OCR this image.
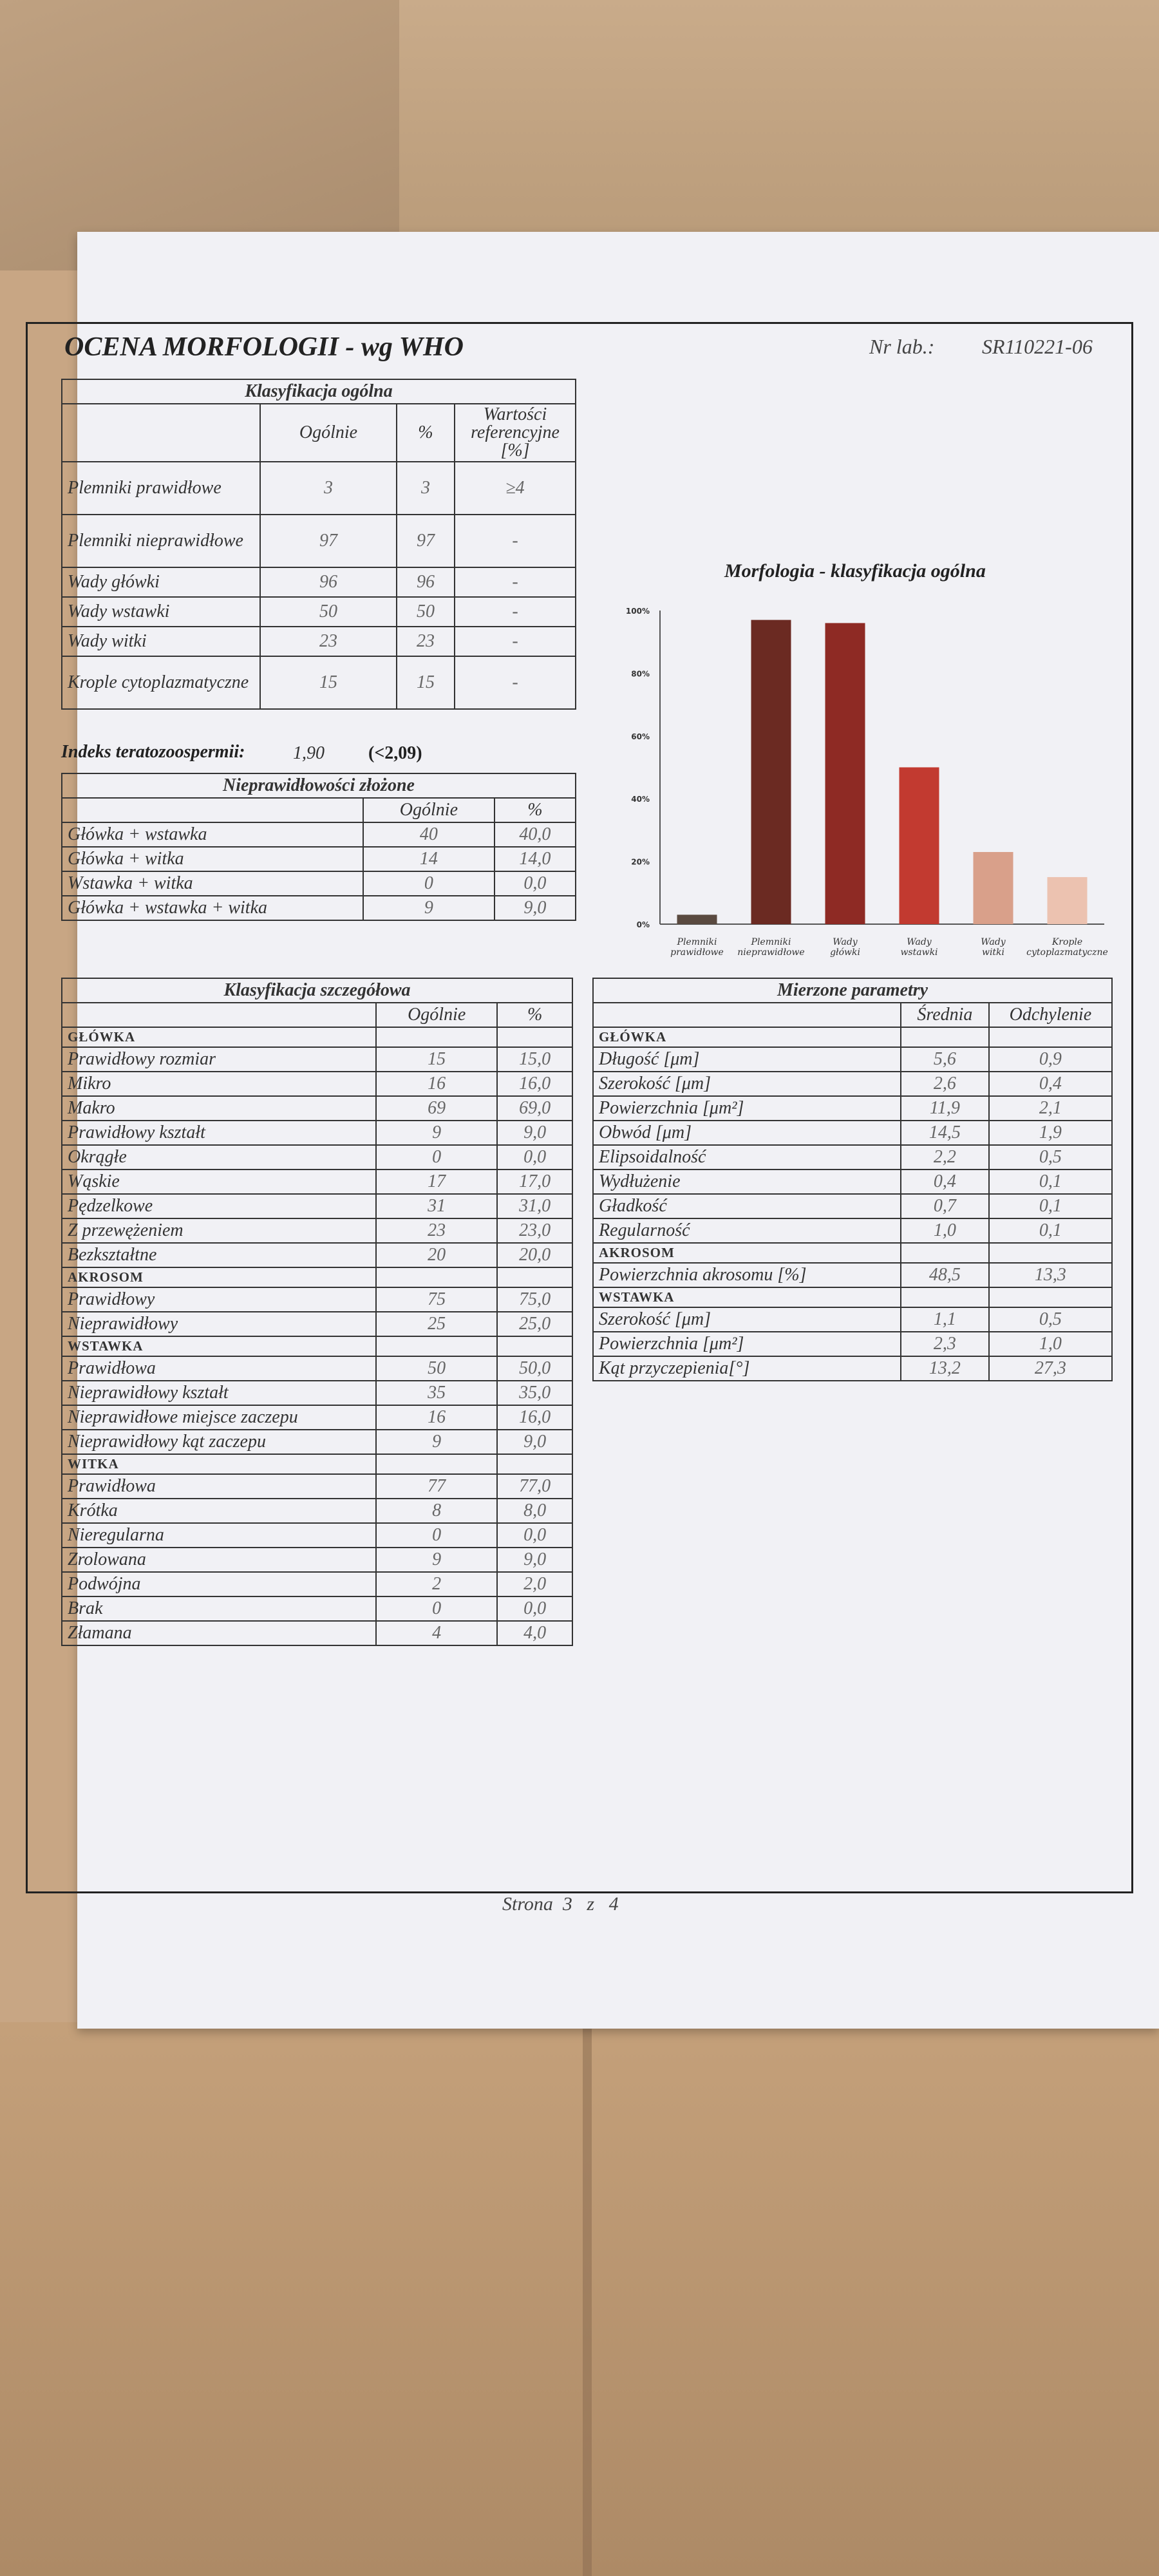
OCENA MORFOLOGII - wg WHO	Nr lab.: SR110221-06
Klasyfikacja ogólna			
	Ogólnie	%	Wartości referencyjne [%]
Plemniki prawidłowe	3	3	≥4
Plemniki nieprawidłowe	97	97	-
Wady główki	96	96	-
Wady wstawki	50	50	-
Wady witki	23	23	-
Krople cytoplazmatyczne	15	15	-
Indeks teratozoospermii:	1,90 (<2,09)
Nieprawidłowości złożone		
	Ogólnie	%
Główka + wstawka	40	40,0
Główka + witka	14	14,0
Wstawka + witka	0	0,0
Główka + wstawka + witka	9	9,0
Morfologia - klasyfikacja ogólna
0%
20%
40%
60%
80%
100%
Plemniki
prawidłowe
Plemniki
nieprawidłowe
Wady
główki
Wady
wstawki
Wady
witki
Krople
cytoplazmatyczne
Klasyfikacja szczegółowa		
	Ogólnie	%
GŁÓWKA		
Prawidłowy rozmiar	15	15,0
Mikro	16	16,0
Makro	69	69,0
Prawidłowy kształt	9	9,0
Okrągłe	0	0,0
Wąskie	17	17,0
Pędzelkowe	31	31,0
Z przewężeniem	23	23,0
Bezkształtne	20	20,0
AKROSOM		
Prawidłowy	75	75,0
Nieprawidłowy	25	25,0
WSTAWKA		
Prawidłowa	50	50,0
Nieprawidłowy kształt	35	35,0
Nieprawidłowe miejsce zaczepu	16	16,0
Nieprawidłowy kąt zaczepu	9	9,0
WITKA		
Prawidłowa	77	77,0
Krótka	8	8,0
Nieregularna	0	0,0
Zrolowana	9	9,0
Podwójna	2	2,0
Brak	0	0,0
Złamana	4	4,0
Mierzone parametry		
	Średnia	Odchylenie
GŁÓWKA		
Długość [μm]	5,6	0,9
Szerokość [μm]	2,6	0,4
Powierzchnia [μm²]	11,9	2,1
Obwód [μm]	14,5	1,9
Elipsoidalność	2,2	0,5
Wydłużenie	0,4	0,1
Gładkość	0,7	0,1
Regularność	1,0	0,1
AKROSOM		
Powierzchnia akrosomu [%]	48,5	13,3
WSTAWKA		
Szerokość [μm]	1,1	0,5
Powierzchnia [μm²]	2,3	1,0
Kąt przyczepienia[°]	13,2	27,3
Strona 3 z 4
